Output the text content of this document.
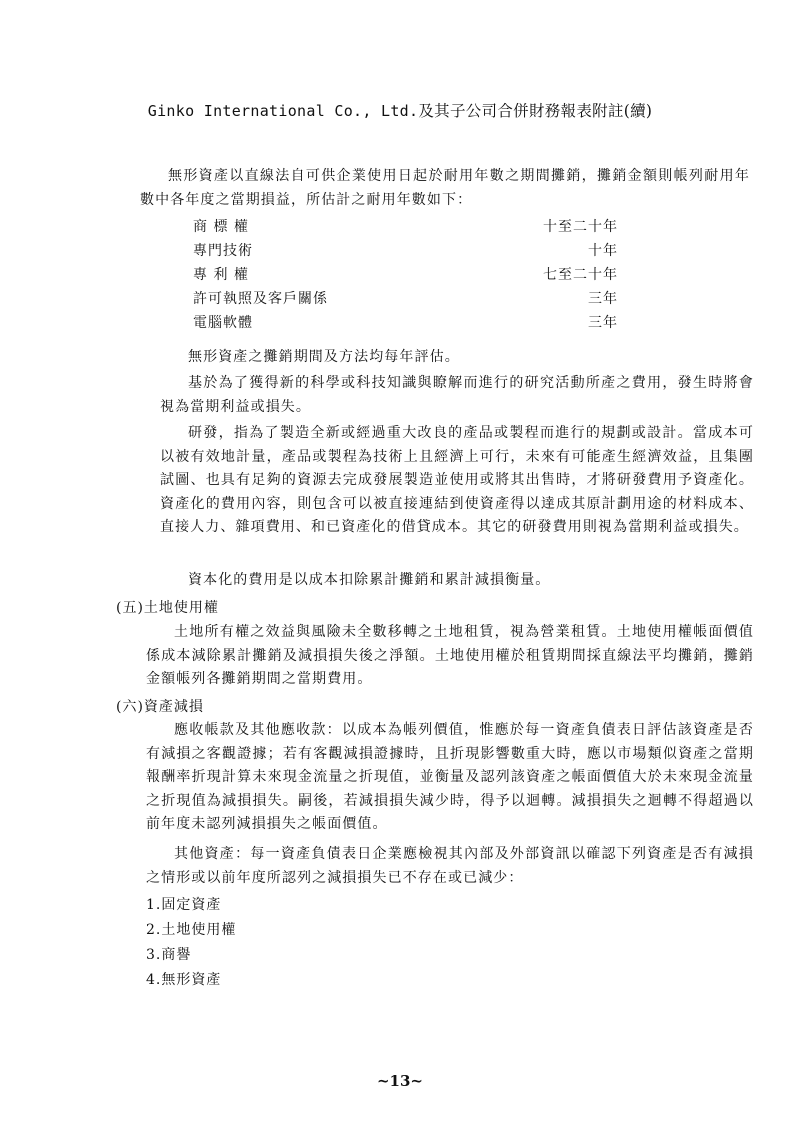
Ginko International Co., Ltd.及其子公司合併財務報表附註(續)
無形資產以直線法自可供企業使用日起於耐用年數之期間攤銷，攤銷金額則帳列耐用年數中各年度之當期損益，所估計之耐用年數如下：
商 標 權	十至二十年
專門技術	十年
專 利 權	七至二十年
許可執照及客戶關係	三年
電腦軟體	三年
無形資產之攤銷期間及方法均每年評估。
基於為了獲得新的科學或科技知識與瞭解而進行的研究活動所產之費用，發生時將會視為當期利益或損失。
研發，指為了製造全新或經過重大改良的產品或製程而進行的規劃或設計。當成本可以被有效地計量，產品或製程為技術上且經濟上可行，未來有可能產生經濟效益，且集團試圖、也具有足夠的資源去完成發展製造並使用或將其出售時，才將研發費用予資產化。資產化的費用內容，則包含可以被直接連結到使資產得以達成其原計劃用途的材料成本、直接人力、雜項費用、和已資產化的借貸成本。其它的研發費用則視為當期利益或損失。
資本化的費用是以成本扣除累計攤銷和累計減損衡量。
(五)土地使用權
土地所有權之效益與風險未全數移轉之土地租賃，視為營業租賃。土地使用權帳面價值係成本減除累計攤銷及減損損失後之淨額。土地使用權於租賃期間採直線法平均攤銷，攤銷金額帳列各攤銷期間之當期費用。
(六)資產減損
應收帳款及其他應收款：以成本為帳列價值，惟應於每一資產負債表日評估該資產是否有減損之客觀證據；若有客觀減損證據時，且折現影響數重大時，應以市場類似資產之當期報酬率折現計算未來現金流量之折現值，並衡量及認列該資產之帳面價值大於未來現金流量之折現值為減損損失。嗣後，若減損損失減少時，得予以迴轉。減損損失之迴轉不得超過以前年度未認列減損損失之帳面價值。
其他資產：每一資產負債表日企業應檢視其內部及外部資訊以確認下列資產是否有減損之情形或以前年度所認列之減損損失已不存在或已減少：
1.固定資產
2.土地使用權
3.商譽
4.無形資產
~13~
